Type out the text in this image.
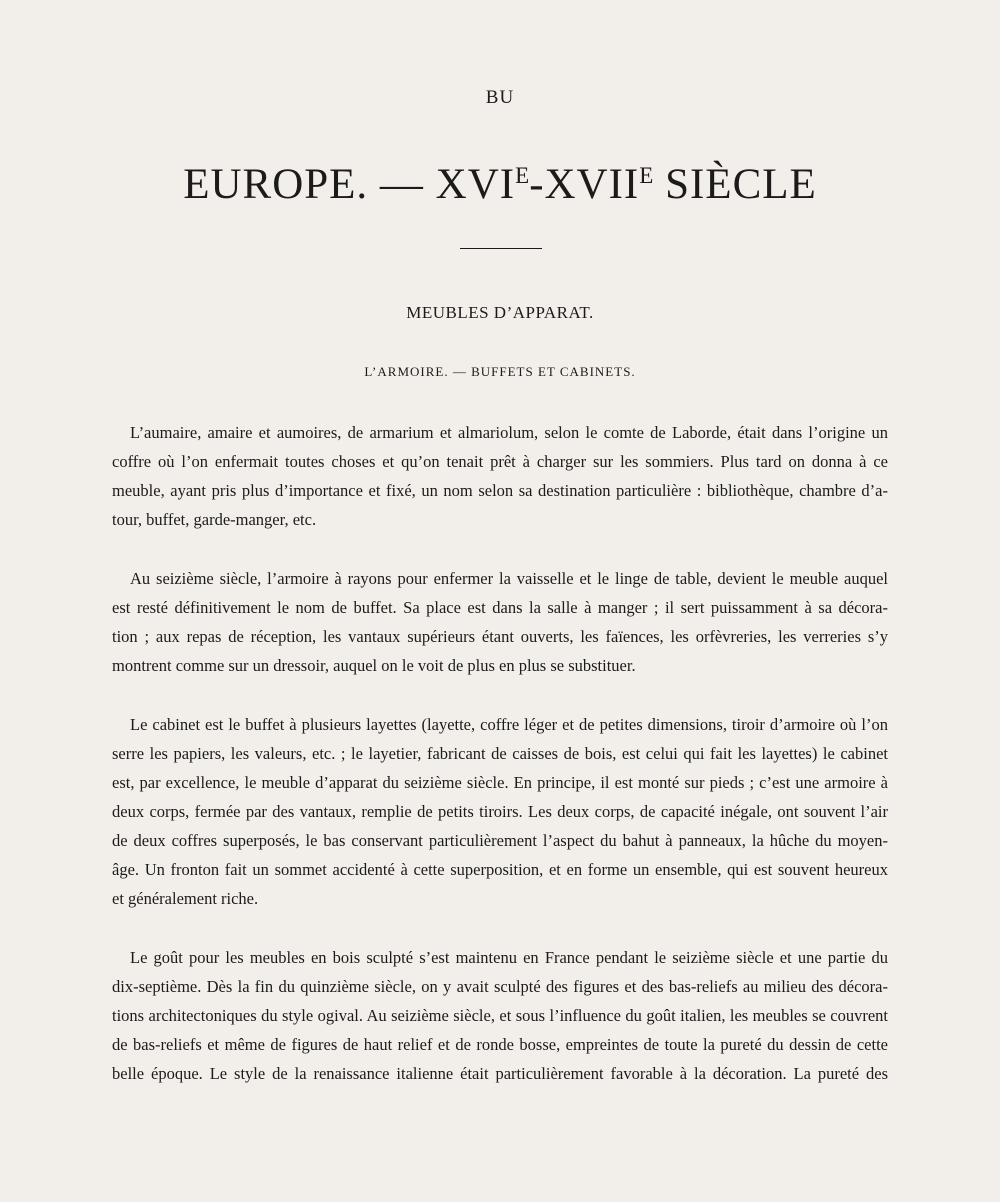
BU
EUROPE. — $XVI^E-XVII^E$ SIÈCLE
MEUBLES D’APPARAT.
L’ARMOIRE. — BUFFETS ET CABINETS.

L’aumaire, amaire et aumoires, de armarium et almariolum, selon le comte de Laborde, était dans l’origine un
coffre où l’on enfermait toutes choses et qu’on tenait prêt à charger sur les sommiers. Plus tard on donna à ce
meuble, ayant pris plus d’importance et fixé, un nom selon sa destination particulière : bibliothèque, chambre d’a-
tour, buffet, garde-manger, etc.

Au seizième siècle, l’armoire à rayons pour enfermer la vaisselle et le linge de table, devient le meuble auquel
est resté définitivement le nom de buffet. Sa place est dans la salle à manger ; il sert puissamment à sa décora-
tion ; aux repas de réception, les vantaux supérieurs étant ouverts, les faïences, les orfèvreries, les verreries s’y
montrent comme sur un dressoir, auquel on le voit de plus en plus se substituer.

Le cabinet est le buffet à plusieurs layettes (layette, coffre léger et de petites dimensions, tiroir d’armoire où l’on
serre les papiers, les valeurs, etc. ; le layetier, fabricant de caisses de bois, est celui qui fait les layettes) le cabinet
est, par excellence, le meuble d’apparat du seizième siècle. En principe, il est monté sur pieds ; c’est une armoire à
deux corps, fermée par des vantaux, remplie de petits tiroirs. Les deux corps, de capacité inégale, ont souvent l’air
de deux coffres superposés, le bas conservant particulièrement l’aspect du bahut à panneaux, la hûche du moyen-
âge. Un fronton fait un sommet accidenté à cette superposition, et en forme un ensemble, qui est souvent heureux
et généralement riche.

Le goût pour les meubles en bois sculpté s’est maintenu en France pendant le seizième siècle et une partie du
dix-septième. Dès la fin du quinzième siècle, on y avait sculpté des figures et des bas-reliefs au milieu des décora-
tions architectoniques du style ogival. Au seizième siècle, et sous l’influence du goût italien, les meubles se couvrent
de bas-reliefs et même de figures de haut relief et de ronde bosse, empreintes de toute la pureté du dessin de cette
belle époque. Le style de la renaissance italienne était particulièrement favorable à la décoration. La pureté des
